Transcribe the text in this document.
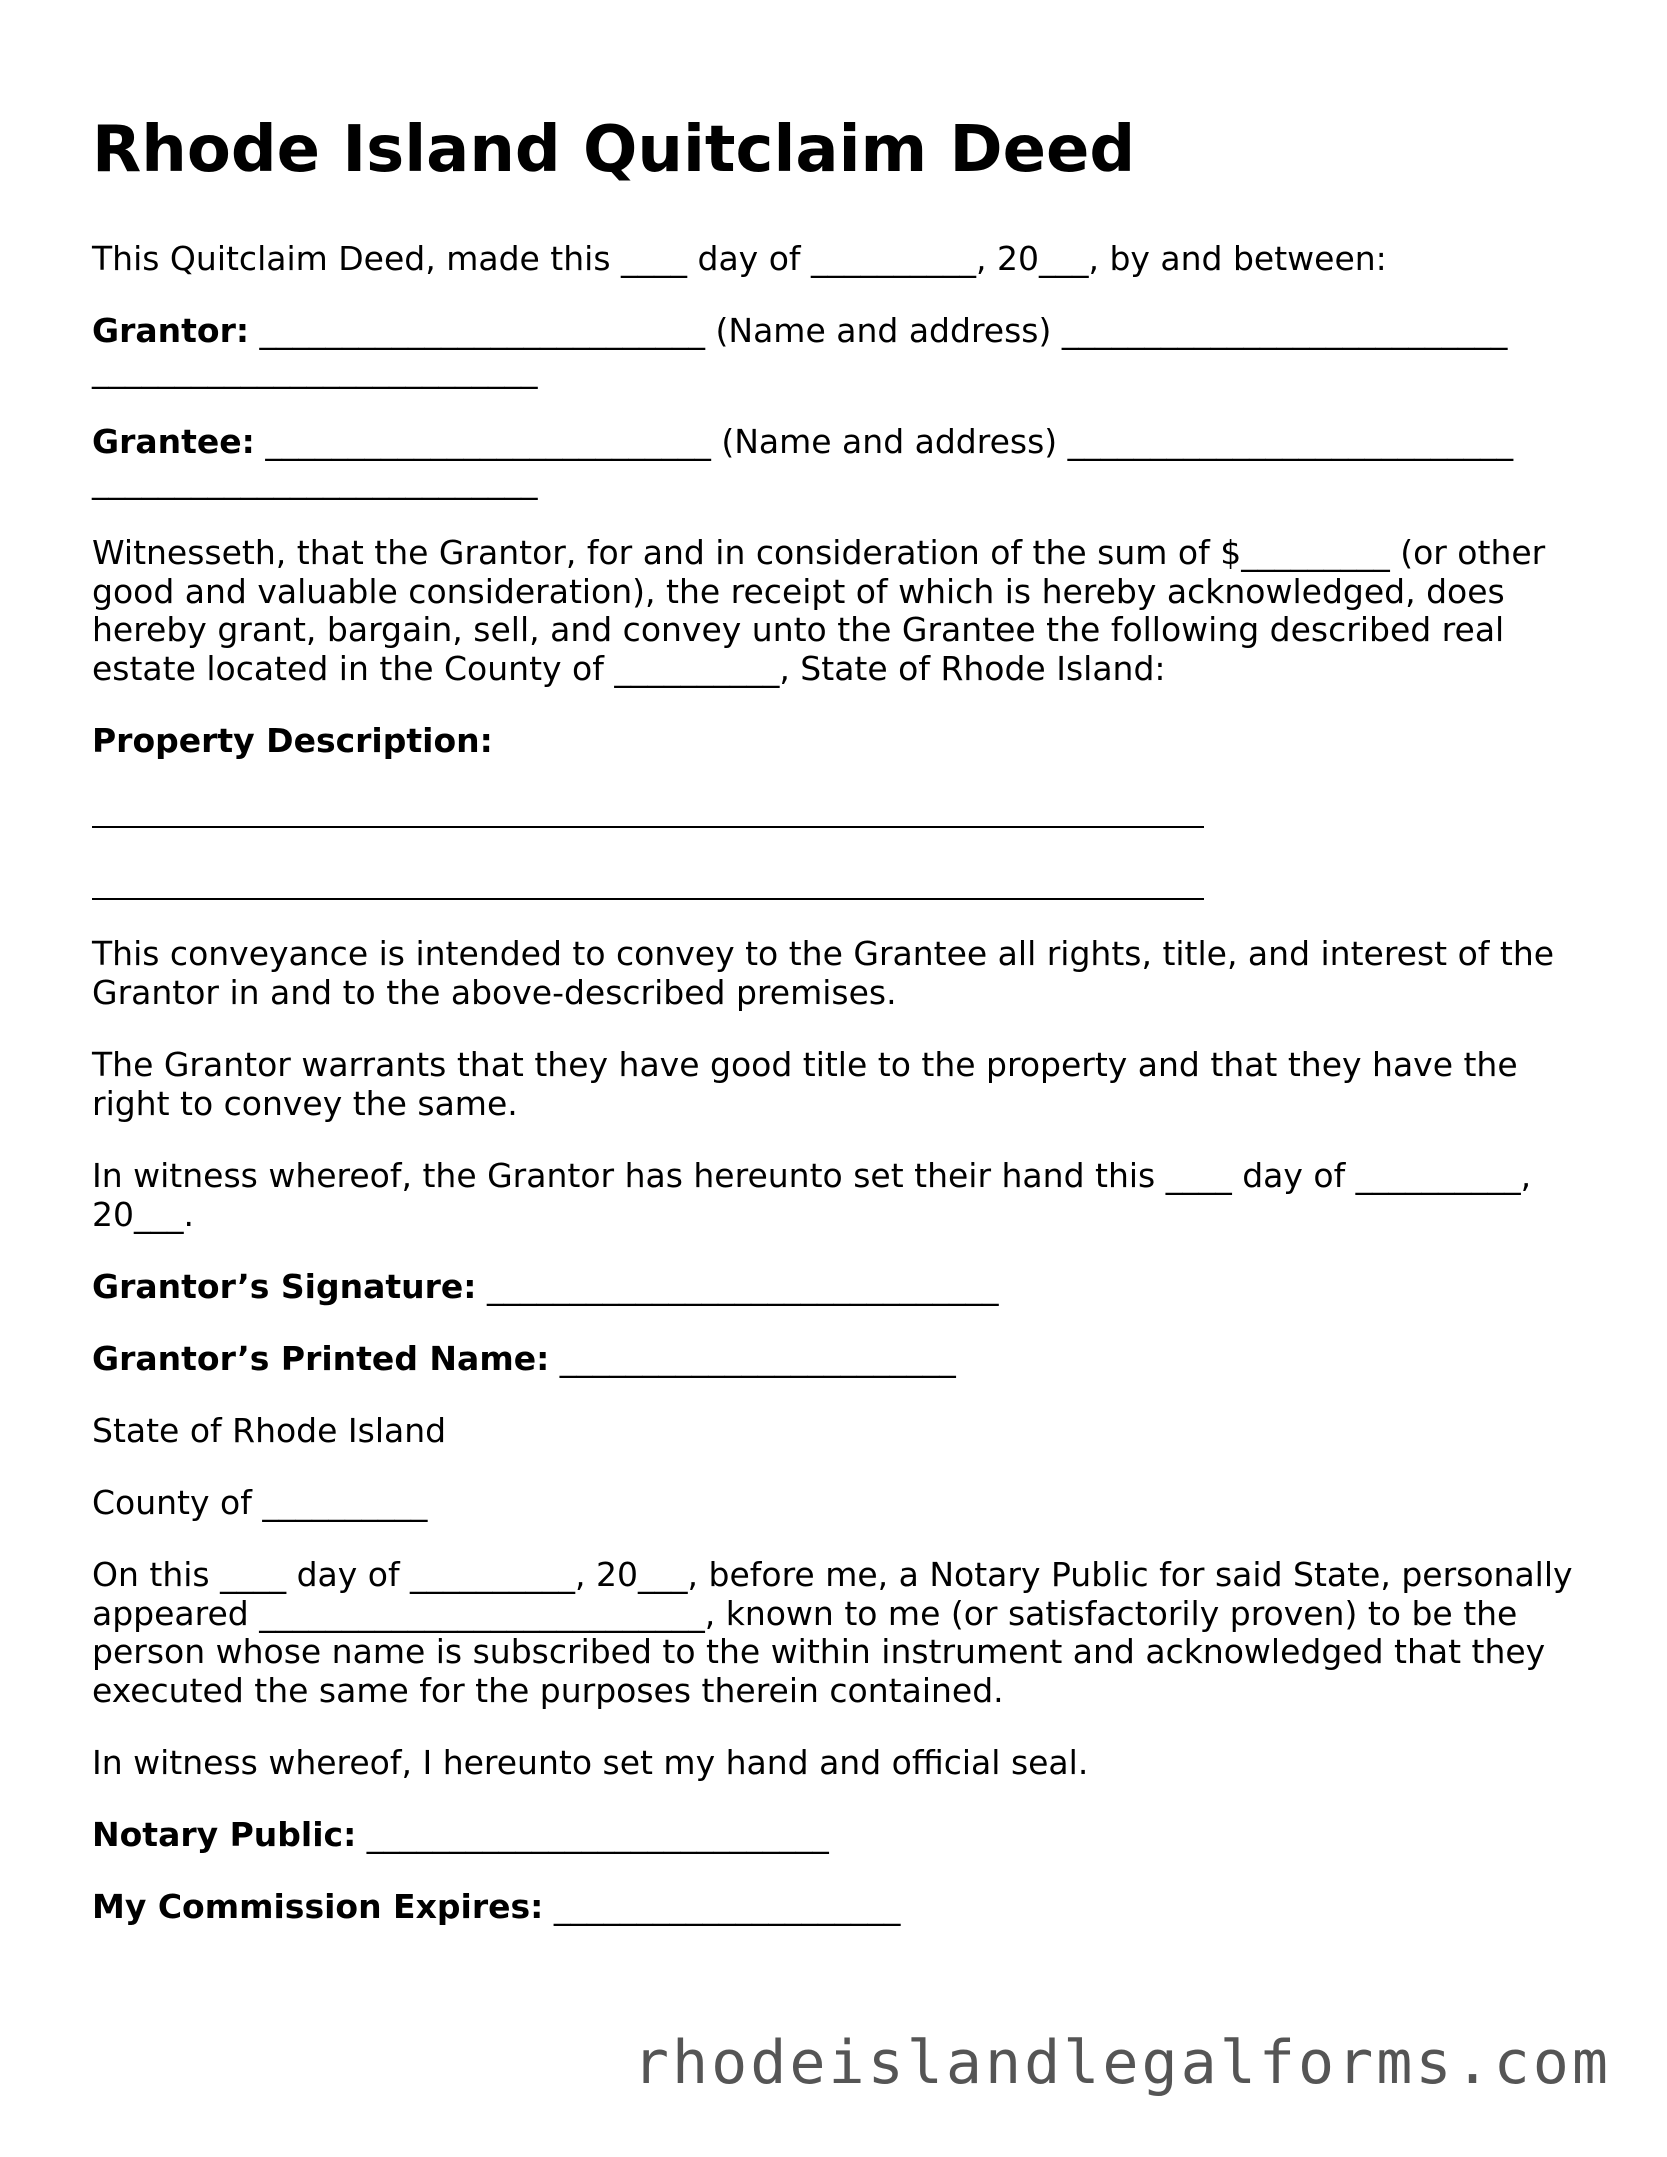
Rhode Island Quitclaim Deed

This Quitclaim Deed, made this ____ day of __________, 20___, by and between:

Grantor: ___________________________ (Name and address) ___________________________
___________________________
Grantee: ___________________________ (Name and address) ___________________________
___________________________
Witnesseth, that the Grantor, for and in consideration of the sum of $_________ (or other
good and valuable consideration), the receipt of which is hereby acknowledged, does
hereby grant, bargain, sell, and convey unto the Grantee the following described real
estate located in the County of __________, State of Rhode Island:
Property Description:
This conveyance is intended to convey to the Grantee all rights, title, and interest of the
Grantor in and to the above-described premises.
The Grantor warrants that they have good title to the property and that they have the
right to convey the same.
In witness whereof, the Grantor has hereunto set their hand this ____ day of __________,
20___.
Grantor’s Signature: _______________________________
Grantor’s Printed Name: ________________________
State of Rhode Island
County of __________
On this ____ day of __________, 20___, before me, a Notary Public for said State, personally
appeared ___________________________, known to me (or satisfactorily proven) to be the
person whose name is subscribed to the within instrument and acknowledged that they
executed the same for the purposes therein contained.
In witness whereof, I hereunto set my hand and official seal.
Notary Public: ____________________________
My Commission Expires: _____________________
rhodeislandlegalforms.com
